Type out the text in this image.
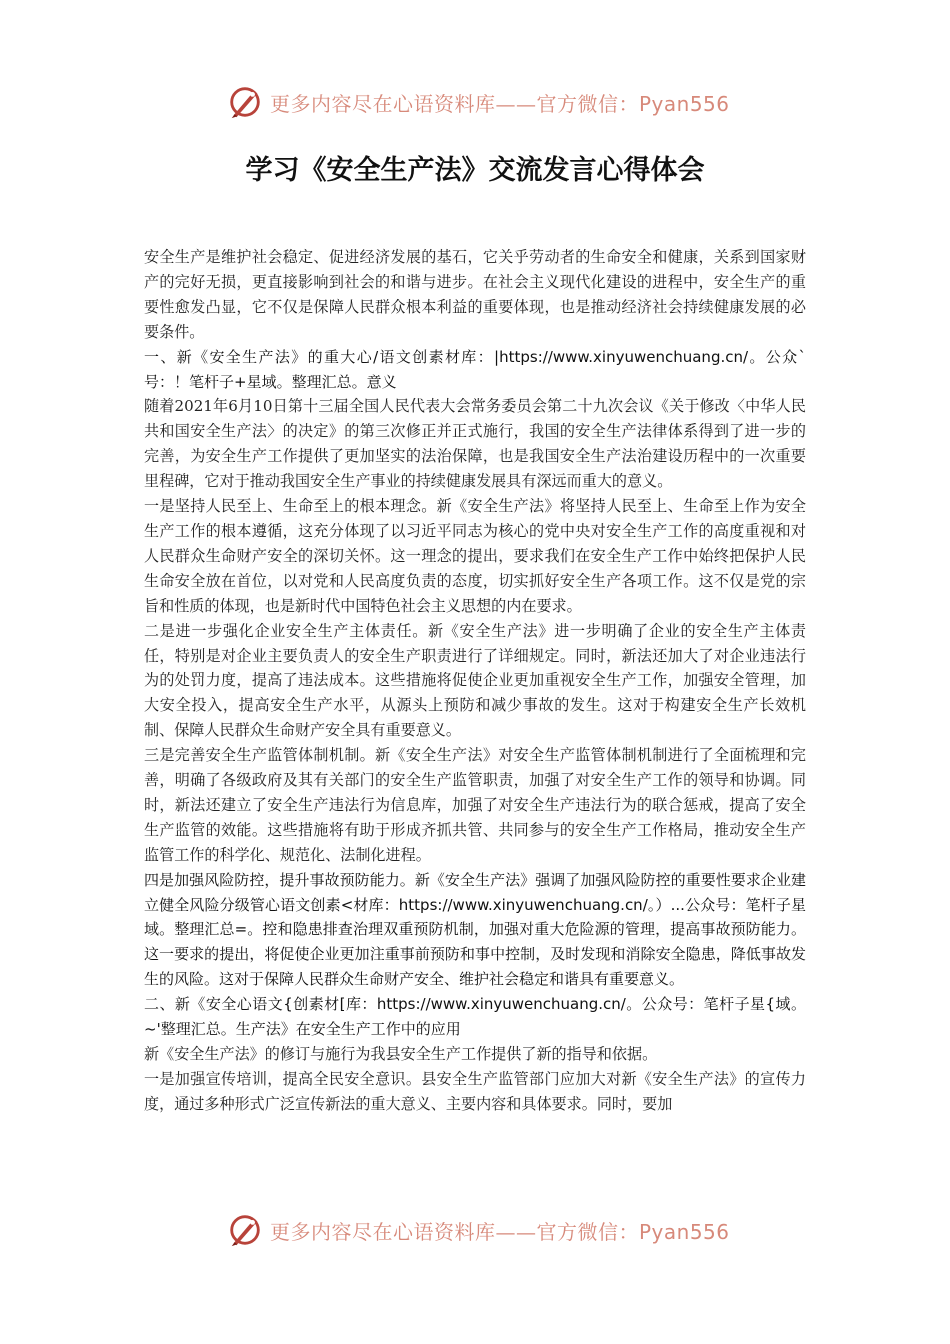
更多内容尽在心语资料库——官方微信：Pyan556
学习《安全生产法》交流发言心得体会

安全生产是维护社会稳定、促进经济发展的基石，它关乎劳动者的生命安全和健康，关系到国家财产的完好无损，更直接影响到社会的和谐与进步。在社会主义现代化建设的进程中，安全生产的重要性愈发凸显，它不仅是保障人民群众根本利益的重要体现，也是推动经济社会持续健康发展的必要条件。

一、新《安全生产法》的重大心/语文创素材库：|https://www.xinyuwenchuang.cn/。公众`号：！笔杆子+星域。整理汇总。意义

随着2021年6月10日第十三届全国人民代表大会常务委员会第二十九次会议《关于修改〈中华人民共和国安全生产法〉的决定》的第三次修正并正式施行，我国的安全生产法律体系得到了进一步的完善，为安全生产工作提供了更加坚实的法治保障，也是我国安全生产法治建设历程中的一次重要里程碑，它对于推动我国安全生产事业的持续健康发展具有深远而重大的意义。

一是坚持人民至上、生命至上的根本理念。新《安全生产法》将坚持人民至上、生命至上作为安全生产工作的根本遵循，这充分体现了以习近平同志为核心的党中央对安全生产工作的高度重视和对人民群众生命财产安全的深切关怀。这一理念的提出，要求我们在安全生产工作中始终把保护人民生命安全放在首位，以对党和人民高度负责的态度，切实抓好安全生产各项工作。这不仅是党的宗旨和性质的体现，也是新时代中国特色社会主义思想的内在要求。

二是进一步强化企业安全生产主体责任。新《安全生产法》进一步明确了企业的安全生产主体责任，特别是对企业主要负责人的安全生产职责进行了详细规定。同时，新法还加大了对企业违法行为的处罚力度，提高了违法成本。这些措施将促使企业更加重视安全生产工作，加强安全管理，加大安全投入，提高安全生产水平，从源头上预防和减少事故的发生。这对于构建安全生产长效机制、保障人民群众生命财产安全具有重要意义。

三是完善安全生产监管体制机制。新《安全生产法》对安全生产监管体制机制进行了全面梳理和完善，明确了各级政府及其有关部门的安全生产监管职责，加强了对安全生产工作的领导和协调。同时，新法还建立了安全生产违法行为信息库，加强了对安全生产违法行为的联合惩戒，提高了安全生产监管的效能。这些措施将有助于形成齐抓共管、共同参与的安全生产工作格局，推动安全生产监管工作的科学化、规范化、法制化进程。

四是加强风险防控，提升事故预防能力。新《安全生产法》强调了加强风险防控的重要性要求企业建立健全风险分级管心语文创素<材库：https://www.xinyuwenchuang.cn/。）...公众号：笔杆子星域。整理汇总=。控和隐患排查治理双重预防机制，加强对重大危险源的管理，提高事故预防能力。这一要求的提出，将促使企业更加注重事前预防和事中控制，及时发现和消除安全隐患，降低事故发生的风险。这对于保障人民群众生命财产安全、维护社会稳定和谐具有重要意义。

二、新《安全心语文{创素材[库：https://www.xinyuwenchuang.cn/。公众号：笔杆子星{域。~'整理汇总。生产法》在安全生产工作中的应用

新《安全生产法》的修订与施行为我县安全生产工作提供了新的指导和依据。

一是加强宣传培训，提高全民安全意识。县安全生产监管部门应加大对新《安全生产法》的宣传力度，通过多种形式广泛宣传新法的重大意义、主要内容和具体要求。同时，要加

更多内容尽在心语资料库——官方微信：Pyan556
